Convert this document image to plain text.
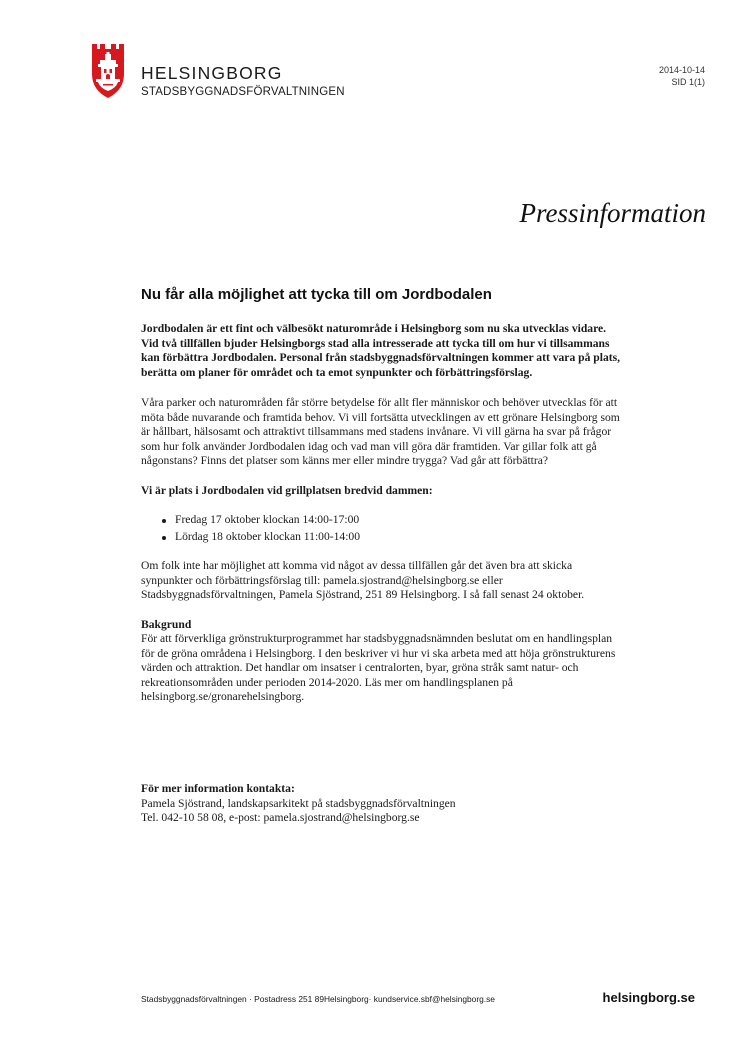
HELSINGBORG
STADSBYGGNADSFÖRVALTNINGEN
2014-10-14
SID 1(1)
Pressinformation
Nu får alla möjlighet att tycka till om Jordbodalen

Jordbodalen är ett fint och välbesökt naturområde i Helsingborg som nu ska utvecklas vidare. Vid två tillfällen bjuder Helsingborgs stad alla intresserade att tycka till om hur vi tillsammans kan förbättra Jordbodalen. Personal från stadsbyggnadsförvaltningen kommer att vara på plats, berätta om planer för området och ta emot synpunkter och förbättringsförslag.

Våra parker och naturområden får större betydelse för allt fler människor och behöver utvecklas för att möta både nuvarande och framtida behov. Vi vill fortsätta utvecklingen av ett grönare Helsingborg som är hållbart, hälsosamt och attraktivt tillsammans med stadens invånare. Vi vill gärna ha svar på frågor som hur folk använder Jordbodalen idag och vad man vill göra där framtiden. Var gillar folk att gå någonstans? Finns det platser som känns mer eller mindre trygga? Vad går att förbättra?

Vi är plats i Jordbodalen vid grillplatsen bredvid dammen:

Fredag 17 oktober klockan 14:00-17:00
Lördag 18 oktober klockan 11:00-14:00

Om folk inte har möjlighet att komma vid något av dessa tillfällen går det även bra att skicka synpunkter och förbättringsförslag till: pamela.sjostrand@helsingborg.se eller Stadsbyggnadsförvaltningen, Pamela Sjöstrand, 251 89 Helsingborg. I så fall senast 24 oktober.

Bakgrund
För att förverkliga grönstrukturprogrammet har stadsbyggnadsnämnden beslutat om en handlingsplan för de gröna områdena i Helsingborg. I den beskriver vi hur vi ska arbeta med att höja grönstrukturens värden och attraktion. Det handlar om insatser i centralorten, byar, gröna stråk samt natur- och rekreationsområden under perioden 2014-2020. Läs mer om handlingsplanen på helsingborg.se/gronarehelsingborg.

För mer information kontakta:
Pamela Sjöstrand, landskapsarkitekt på stadsbyggnadsförvaltningen
Tel. 042-10 58 08, e-post: pamela.sjostrand@helsingborg.se
Stadsbyggnadsförvaltningen · Postadress 251 89Helsingborg· kundservice.sbf@helsingborg.se	helsingborg.se
